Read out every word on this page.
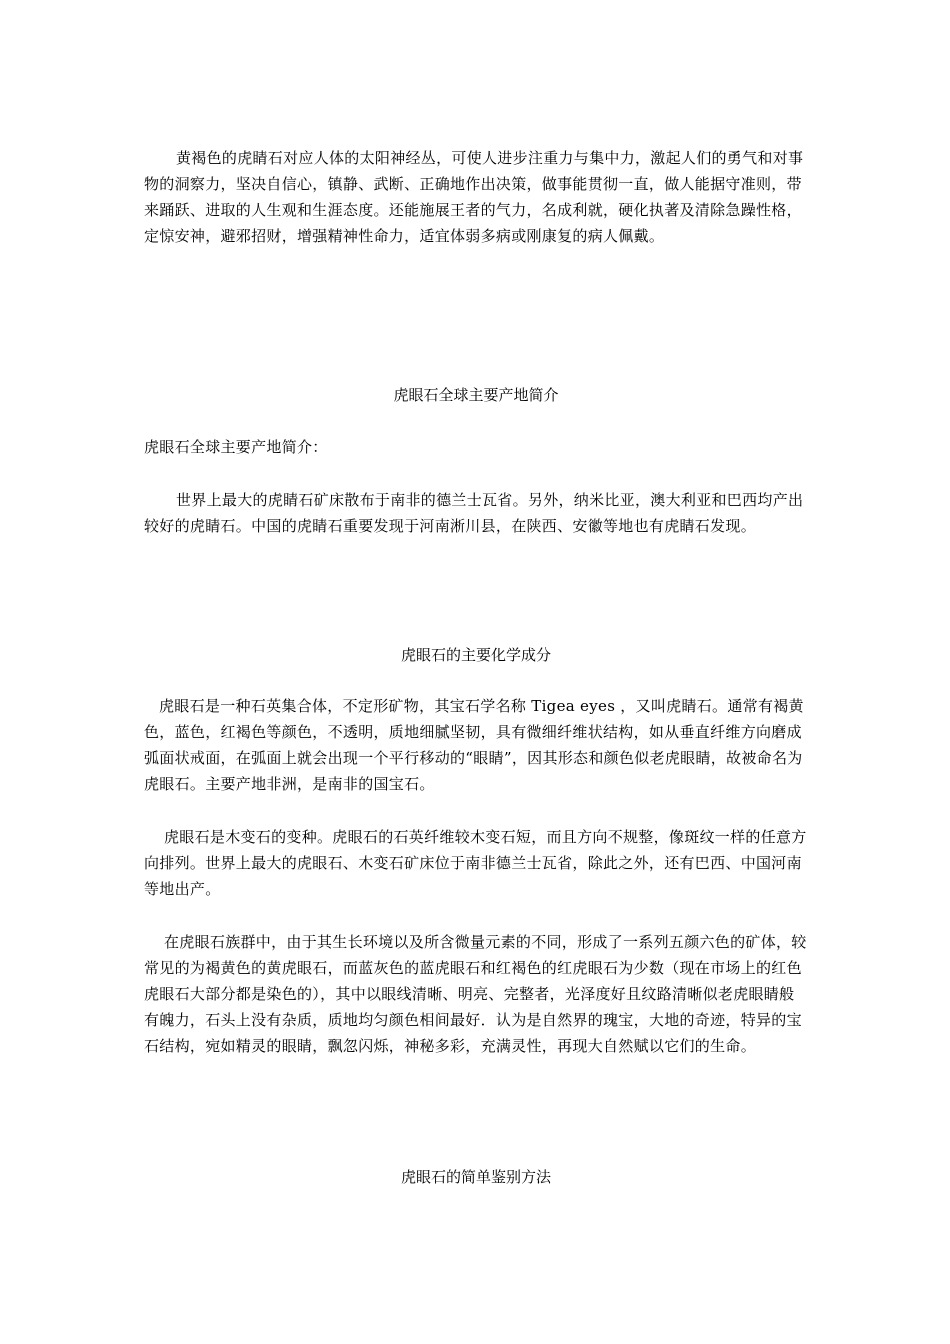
黄褐色的虎睛石对应人体的太阳神经丛，可使人进步注重力与集中力，激起人们的勇气和对事物的洞察力，坚决自信心，镇静、武断、正确地作出决策，做事能贯彻一直，做人能据守准则，带来踊跃、进取的人生观和生涯态度。还能施展王者的气力，名成利就，硬化执著及清除急躁性格，定惊安神，避邪招财，增强精神性命力，适宜体弱多病或刚康复的病人佩戴。

虎眼石全球主要产地简介

虎眼石全球主要产地简介：

世界上最大的虎睛石矿床散布于南非的德兰士瓦省。另外，纳米比亚，澳大利亚和巴西均产出较好的虎睛石。中国的虎睛石重要发现于河南淅川县，在陕西、安徽等地也有虎睛石发现。

虎眼石的主要化学成分

虎眼石是一种石英集合体，不定形矿物，其宝石学名称 Tigea eyes ，又叫虎睛石。通常有褐黄色，蓝色，红褐色等颜色，不透明，质地细腻坚韧，具有微细纤维状结构，如从垂直纤维方向磨成弧面状戒面，在弧面上就会出现一个平行移动的“眼睛”，因其形态和颜色似老虎眼睛，故被命名为虎眼石。主要产地非洲，是南非的国宝石。

虎眼石是木变石的变种。虎眼石的石英纤维较木变石短，而且方向不规整，像斑纹一样的任意方向排列。世界上最大的虎眼石、木变石矿床位于南非德兰士瓦省，除此之外，还有巴西、中国河南等地出产。

在虎眼石族群中，由于其生长环境以及所含微量元素的不同，形成了一系列五颜六色的矿体，较常见的为褐黄色的黄虎眼石，而蓝灰色的蓝虎眼石和红褐色的红虎眼石为少数（现在市场上的红色虎眼石大部分都是染色的），其中以眼线清晰、明亮、完整者，光泽度好且纹路清晰似老虎眼睛般有魄力，石头上没有杂质，质地均匀颜色相间最好．认为是自然界的瑰宝，大地的奇迹，特异的宝石结构，宛如精灵的眼睛，飘忽闪烁，神秘多彩，充满灵性，再现大自然赋以它们的生命。

虎眼石的简单鉴别方法
